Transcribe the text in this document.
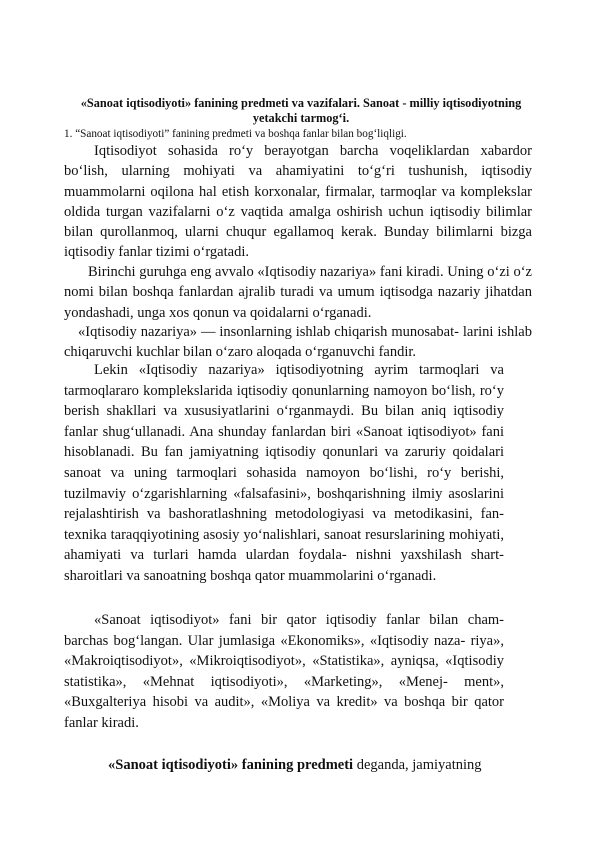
«Sanoat iqtisodiyoti» fanining predmeti va vazifalari. Sanoat - milliy iqtisodiyotning yetakchi tarmog‘i.
1. “Sanoat iqtisodiyoti” fanining predmeti va boshqa fanlar bilan bog‘liqligi.
Iqtisodiyot sohasida ro‘y berayotgan barcha voqeliklardan xabardor bo‘lish, ularning mohiyati va ahamiyatini to‘g‘ri tushunish, iqtisodiy muammolarni oqilona hal etish korxonalar, firmalar, tarmoqlar va komplekslar oldida turgan vazifalarni o‘z vaqtida amalga oshirish uchun iqtisodiy bilimlar bilan qurollanmoq, ularni chuqur egallamoq kerak. Bunday bilimlarni bizga iqtisodiy fanlar tizimi o‘rgatadi.
Birinchi guruhga eng avvalo «Iqtisodiy nazariya» fani kiradi. Uning o‘zi o‘z nomi bilan boshqa fanlardan ajralib turadi va umum iqtisodga nazariy jihatdan yondashadi, unga xos qonun va qoidalarni o‘rganadi.
«Iqtisodiy nazariya» — insonlarning ishlab chiqarish munosabat- larini ishlab chiqaruvchi kuchlar bilan o‘zaro aloqada o‘rganuvchi fandir.
Lekin «Iqtisodiy nazariya» iqtisodiyotning ayrim tarmoqlari va tarmoqlararo komplekslarida iqtisodiy qonunlarning namoyon bo‘lish, ro‘y berish shakllari va xususiyatlarini o‘rganmaydi. Bu bilan aniq iqtisodiy fanlar shug‘ullanadi. Ana shunday fanlardan biri «Sanoat iqtisodiyot» fani hisoblanadi. Bu fan jamiyatning iqtisodiy qonunlari va zaruriy qoidalari sanoat va uning tarmoqlari sohasida namoyon bo‘lishi, ro‘y berishi, tuzilmaviy o‘zgarishlarning «falsafasini», boshqarishning ilmiy asoslarini rejalashtirish va bashoratlashning metodologiyasi va metodikasini, fan-texnika taraqqiyotining asosiy yo‘nalishlari, sanoat resurslarining mohiyati, ahamiyati va turlari hamda ulardan foydala- nishni yaxshilash shart-sharoitlari va sanoatning boshqa qator muammolarini o‘rganadi.
«Sanoat iqtisodiyot» fani bir qator iqtisodiy fanlar bilan cham- barchas bog‘langan. Ular jumlasiga «Ekonomiks», «Iqtisodiy naza- riya», «Makroiqtisodiyot», «Mikroiqtisodiyot», «Statistika», ayniqsa, «Iqtisodiy statistika», «Mehnat iqtisodiyoti», «Marketing», «Menej- ment», «Buxgalteriya hisobi va audit», «Moliya va kredit» va boshqa bir qator fanlar kiradi.
«Sanoat iqtisodiyoti» fanining predmeti deganda, jamiyatning
